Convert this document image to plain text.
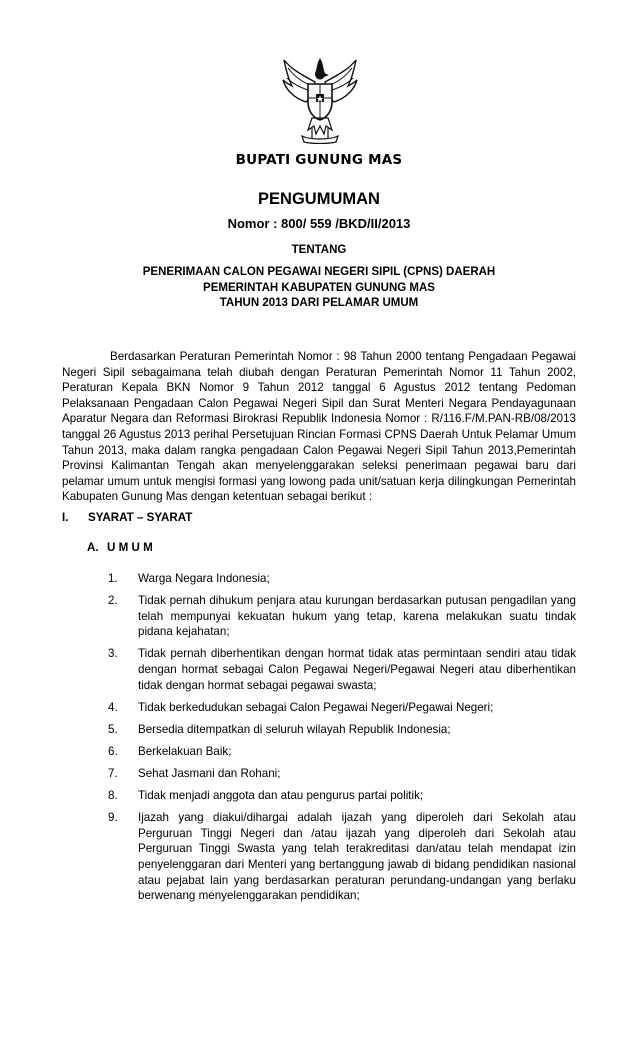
BUPATI GUNUNG MAS
PENGUMUMAN
Nomor : 800/ 559 /BKD/II/2013
TENTANG
PENERIMAAN CALON PEGAWAI NEGERI SIPIL (CPNS) DAERAH
PEMERINTAH KABUPATEN GUNUNG MAS
TAHUN 2013 DARI PELAMAR UMUM

Berdasarkan Peraturan Pemerintah Nomor : 98 Tahun 2000 tentang Pengadaan Pegawai Negeri Sipil sebagaimana telah diubah dengan Peraturan Pemerintah Nomor 11 Tahun 2002, Peraturan Kepala BKN Nomor 9 Tahun 2012 tanggal 6 Agustus 2012 tentang Pedoman Pelaksanaan Pengadaan Calon Pegawai Negeri Sipil dan Surat Menteri Negara Pendayagunaan Aparatur Negara dan Reformasi Birokrasi Republik Indonesia Nomor : R/116.F/M.PAN-RB/08/2013 tanggal 26 Agustus 2013 perihal Persetujuan Rincian Formasi CPNS Daerah Untuk Pelamar Umum Tahun 2013, maka dalam rangka pengadaan Calon Pegawai Negeri Sipil Tahun 2013,Pemerintah Provinsi Kalimantan Tengah akan menyelenggarakan seleksi penerimaan pegawai baru dari pelamar umum untuk mengisi formasi yang lowong pada unit/satuan kerja dilingkungan Pemerintah Kabupaten Gunung Mas dengan ketentuan sebagai berikut :

I. SYARAT – SYARAT
A. U M U M
1.	Warga Negara Indonesia;
2.	Tidak pernah dihukum penjara atau kurungan berdasarkan putusan pengadilan yang telah mempunyai kekuatan hukum yang tetap, karena melakukan suatu tindak pidana kejahatan;
3.	Tidak pernah diberhentikan dengan hormat tidak atas permintaan sendiri atau tidak dengan hormat sebagai Calon Pegawai Negeri/Pegawai Negeri atau diberhentikan tidak dengan hormat sebagai pegawai swasta;
4.	Tidak berkedudukan sebagai Calon Pegawai Negeri/Pegawai Negeri;
5.	Bersedia ditempatkan di seluruh wilayah Republik Indonesia;
6.	Berkelakuan Baik;
7.	Sehat Jasmani dan Rohani;
8.	Tidak menjadi anggota dan atau pengurus partai politik;
9.	Ijazah yang diakui/dihargai adalah ijazah yang diperoleh dari Sekolah atau Perguruan Tinggi Negeri dan /atau ijazah yang diperoleh dari Sekolah atau Perguruan Tinggi Swasta yang telah terakreditasi dan/atau telah mendapat izin penyelenggaran dari Menteri yang bertanggung jawab di bidang pendidikan nasional atau pejabat lain yang berdasarkan peraturan perundang-undangan yang berlaku berwenang menyelenggarakan pendidikan;
